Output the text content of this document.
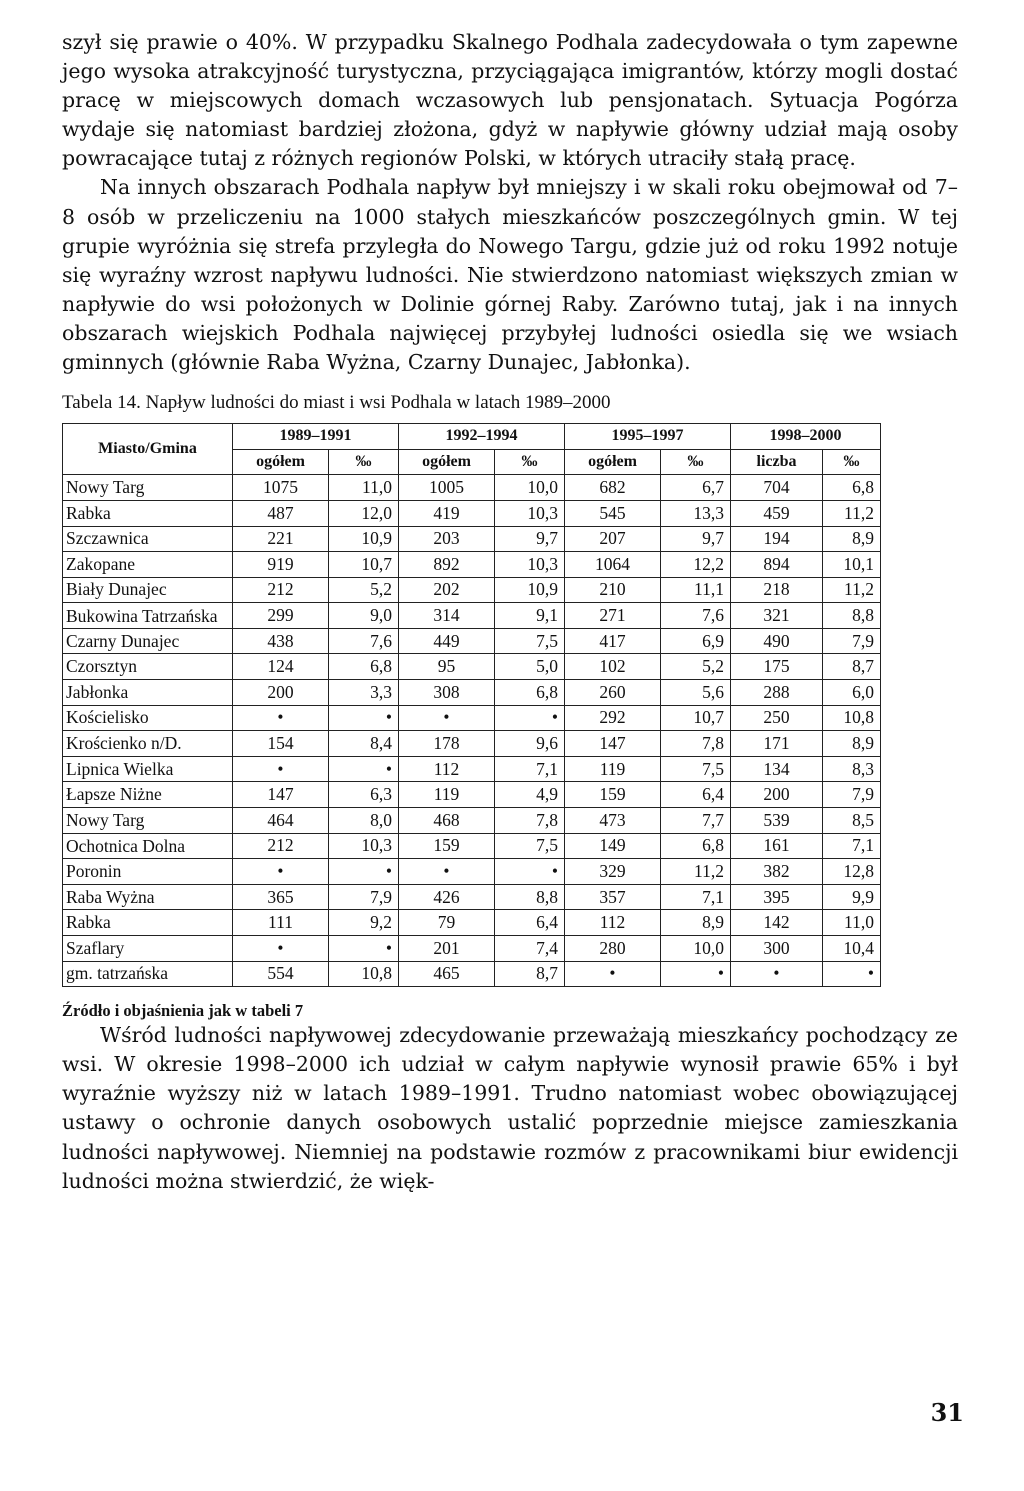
szył się prawie o 40%. W przypadku Skalnego Podhala zadecydowała o tym zapewne jego wysoka atrakcyjność turystyczna, przyciągająca imigrantów, którzy mogli dostać pracę w miejscowych domach wczasowych lub pensjonatach. Sytuacja Pogórza wydaje się natomiast bardziej złożona, gdyż w napływie główny udział mają osoby powracające tutaj z różnych regionów Polski, w których utraciły stałą pracę.

Na innych obszarach Podhala napływ był mniejszy i w skali roku obejmował od 7–8 osób w przeliczeniu na 1000 stałych mieszkańców poszczególnych gmin. W tej grupie wyróżnia się strefa przyległa do Nowego Targu, gdzie już od roku 1992 notuje się wyraźny wzrost napływu ludności. Nie stwierdzono natomiast większych zmian w napływie do wsi położonych w Dolinie górnej Raby. Zarówno tutaj, jak i na innych obszarach wiejskich Podhala najwięcej przybyłej ludności osiedla się we wsiach gminnych (głównie Raba Wyżna, Czarny Dunajec, Jabłonka).

Tabela 14. Napływ ludności do miast i wsi Podhala w latach 1989–2000
Miasto/Gmina	1989–1991		1992–1994		1995–1997		1998–2000	
	ogółem	‰	ogółem	‰	ogółem	‰	liczba	‰
Nowy Targ	1075	11,0	1005	10,0	682	6,7	704	6,8
Rabka	487	12,0	419	10,3	545	13,3	459	11,2
Szczawnica	221	10,9	203	9,7	207	9,7	194	8,9
Zakopane	919	10,7	892	10,3	1064	12,2	894	10,1
Biały Dunajec	212	5,2	202	10,9	210	11,1	218	11,2
Bukowina Tatrzańska	299	9,0	314	9,1	271	7,6	321	8,8
Czarny Dunajec	438	7,6	449	7,5	417	6,9	490	7,9
Czorsztyn	124	6,8	95	5,0	102	5,2	175	8,7
Jabłonka	200	3,3	308	6,8	260	5,6	288	6,0
Kościelisko	•	•	•	•	292	10,7	250	10,8
Krościenko n/D.	154	8,4	178	9,6	147	7,8	171	8,9
Lipnica Wielka	•	•	112	7,1	119	7,5	134	8,3
Łapsze Niżne	147	6,3	119	4,9	159	6,4	200	7,9
Nowy Targ	464	8,0	468	7,8	473	7,7	539	8,5
Ochotnica Dolna	212	10,3	159	7,5	149	6,8	161	7,1
Poronin	•	•	•	•	329	11,2	382	12,8
Raba Wyżna	365	7,9	426	8,8	357	7,1	395	9,9
Rabka	111	9,2	79	6,4	112	8,9	142	11,0
Szaflary	•	•	201	7,4	280	10,0	300	10,4
gm. tatrzańska	554	10,8	465	8,7	•	•	•	•
Źródło i objaśnienia jak w tabeli 7

Wśród ludności napływowej zdecydowanie przeważają mieszkańcy pochodzący ze wsi. W okresie 1998–2000 ich udział w całym napływie wynosił prawie 65% i był wyraźnie wyższy niż w latach 1989–1991. Trudno natomiast wobec obowiązującej ustawy o ochronie danych osobowych ustalić poprzednie miejsce zamieszkania ludności napływowej. Niemniej na podstawie rozmów z pracownikami biur ewidencji ludności można stwierdzić, że więk-

31
